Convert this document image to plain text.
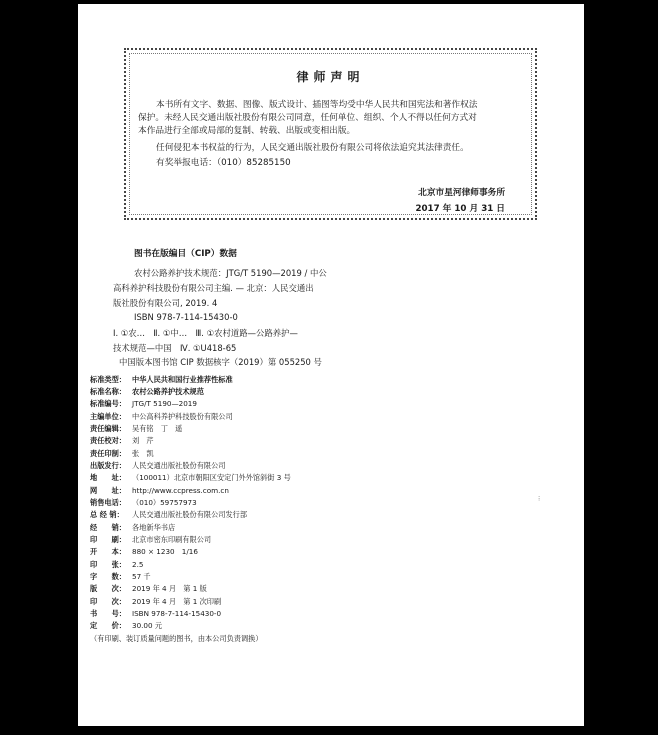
律师声明
本书所有文字、数据、图像、版式设计、插图等均受中华人民共和国宪法和著作权法
保护。未经人民交通出版社股份有限公司同意，任何单位、组织、个人不得以任何方式对
本作品进行全部或局部的复制、转载、出版或变相出版。
任何侵犯本书权益的行为，人民交通出版社股份有限公司将依法追究其法律责任。
有奖举报电话：（010）85285150
北京市星河律师事务所
2017 年 10 月 31 日
图书在版编目（CIP）数据
农村公路养护技术规范：JTG/T 5190—2019 / 中公
高科养护科技股份有限公司主编. — 北京：人民交通出
版社股份有限公司, 2019. 4
ISBN 978-7-114-15430-0
Ⅰ. ①农…　Ⅱ. ①中…　Ⅲ. ①农村道路—公路养护—
技术规范—中国　Ⅳ. ①U418-65
中国版本图书馆 CIP 数据核字（2019）第 055250 号
标准类型： 中华人民共和国行业推荐性标准
标准名称： 农村公路养护技术规范
标准编号： JTG/T 5190—2019
主编单位： 中公高科养护科技股份有限公司
责任编辑： 吴有铭　丁　遥
责任校对： 刘　芹
责任印制： 张　凯
出版发行： 人民交通出版社股份有限公司
地　　址： （100011）北京市朝阳区安定门外外馆斜街 3 号
网　　址： http://www.ccpress.com.cn
销售电话： （010）59757973
总 经 销： 人民交通出版社股份有限公司发行部
经　　销： 各地新华书店
印　　刷： 北京市密东印刷有限公司
开　　本： 880 × 1230　1/16
印　　张： 2.5
字　　数： 57 千
版　　次： 2019 年 4 月　第 1 版
印　　次： 2019 年 4 月　第 1 次印刷
书　　号： ISBN 978-7-114-15430-0
定　　价： 30.00 元
（有印刷、装订质量问题的图书，由本公司负责调换）
⁝
